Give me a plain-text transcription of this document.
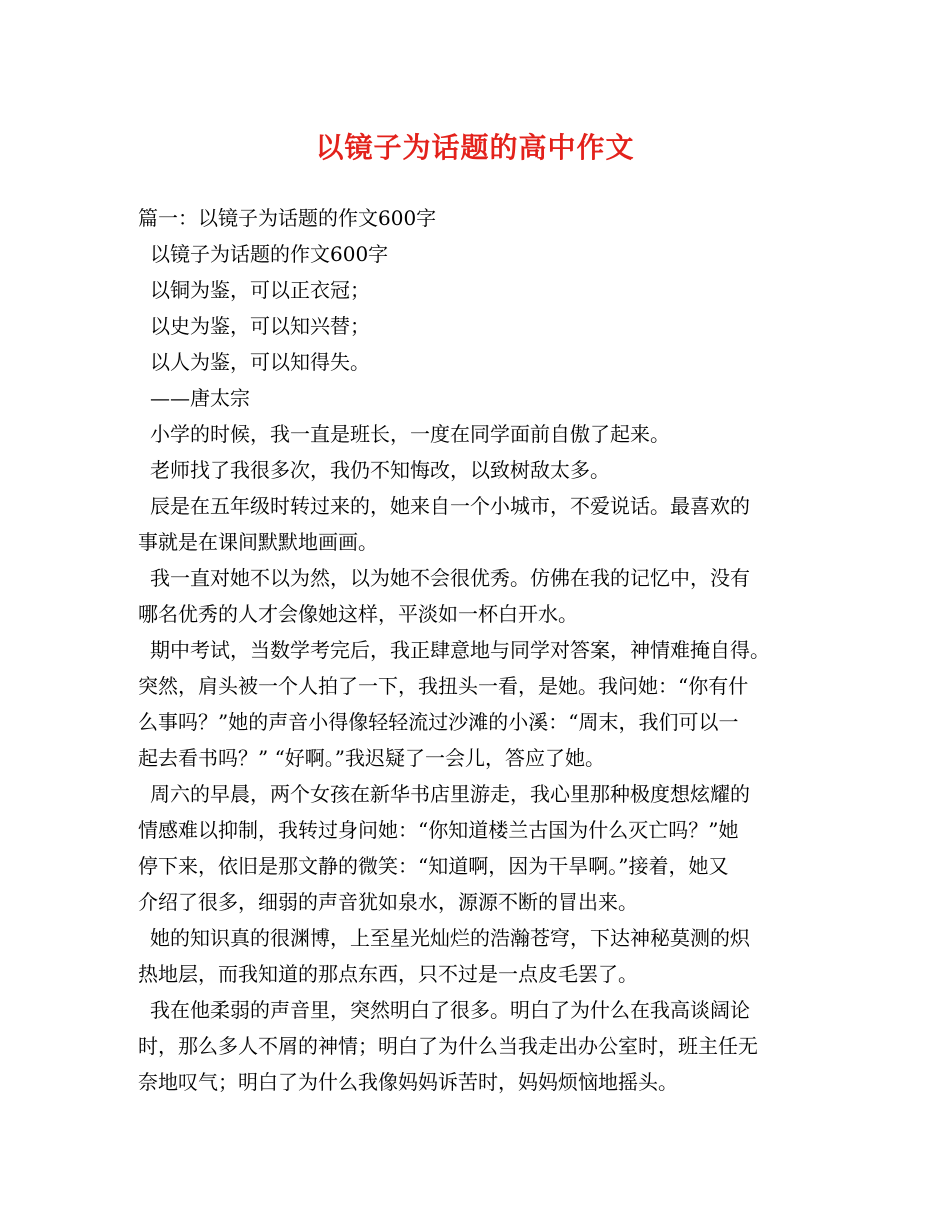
以镜子为话题的高中作文
篇一：以镜子为话题的作文600字
以镜子为话题的作文600字
以铜为鉴，可以正衣冠；
以史为鉴，可以知兴替；
以人为鉴，可以知得失。
——唐太宗
小学的时候，我一直是班长，一度在同学面前自傲了起来。
老师找了我很多次，我仍不知悔改，以致树敌太多。
辰是在五年级时转过来的，她来自一个小城市，不爱说话。最喜欢的
事就是在课间默默地画画。
我一直对她不以为然，以为她不会很优秀。仿佛在我的记忆中，没有
哪名优秀的人才会像她这样，平淡如一杯白开水。
期中考试，当数学考完后，我正肆意地与同学对答案，神情难掩自得。
突然，肩头被一个人拍了一下，我扭头一看，是她。我问她：“你有什
么事吗？”她的声音小得像轻轻流过沙滩的小溪：“周末，我们可以一
起去看书吗？” “好啊。”我迟疑了一会儿，答应了她。
周六的早晨，两个女孩在新华书店里游走，我心里那种极度想炫耀的
情感难以抑制，我转过身问她：“你知道楼兰古国为什么灭亡吗？”她
停下来，依旧是那文静的微笑：“知道啊，因为干旱啊。”接着，她又
介绍了很多，细弱的声音犹如泉水，源源不断的冒出来。
她的知识真的很渊博，上至星光灿烂的浩瀚苍穹，下达神秘莫测的炽
热地层，而我知道的那点东西，只不过是一点皮毛罢了。
我在他柔弱的声音里，突然明白了很多。明白了为什么在我高谈阔论
时，那么多人不屑的神情；明白了为什么当我走出办公室时，班主任无
奈地叹气；明白了为什么我像妈妈诉苦时，妈妈烦恼地摇头。
